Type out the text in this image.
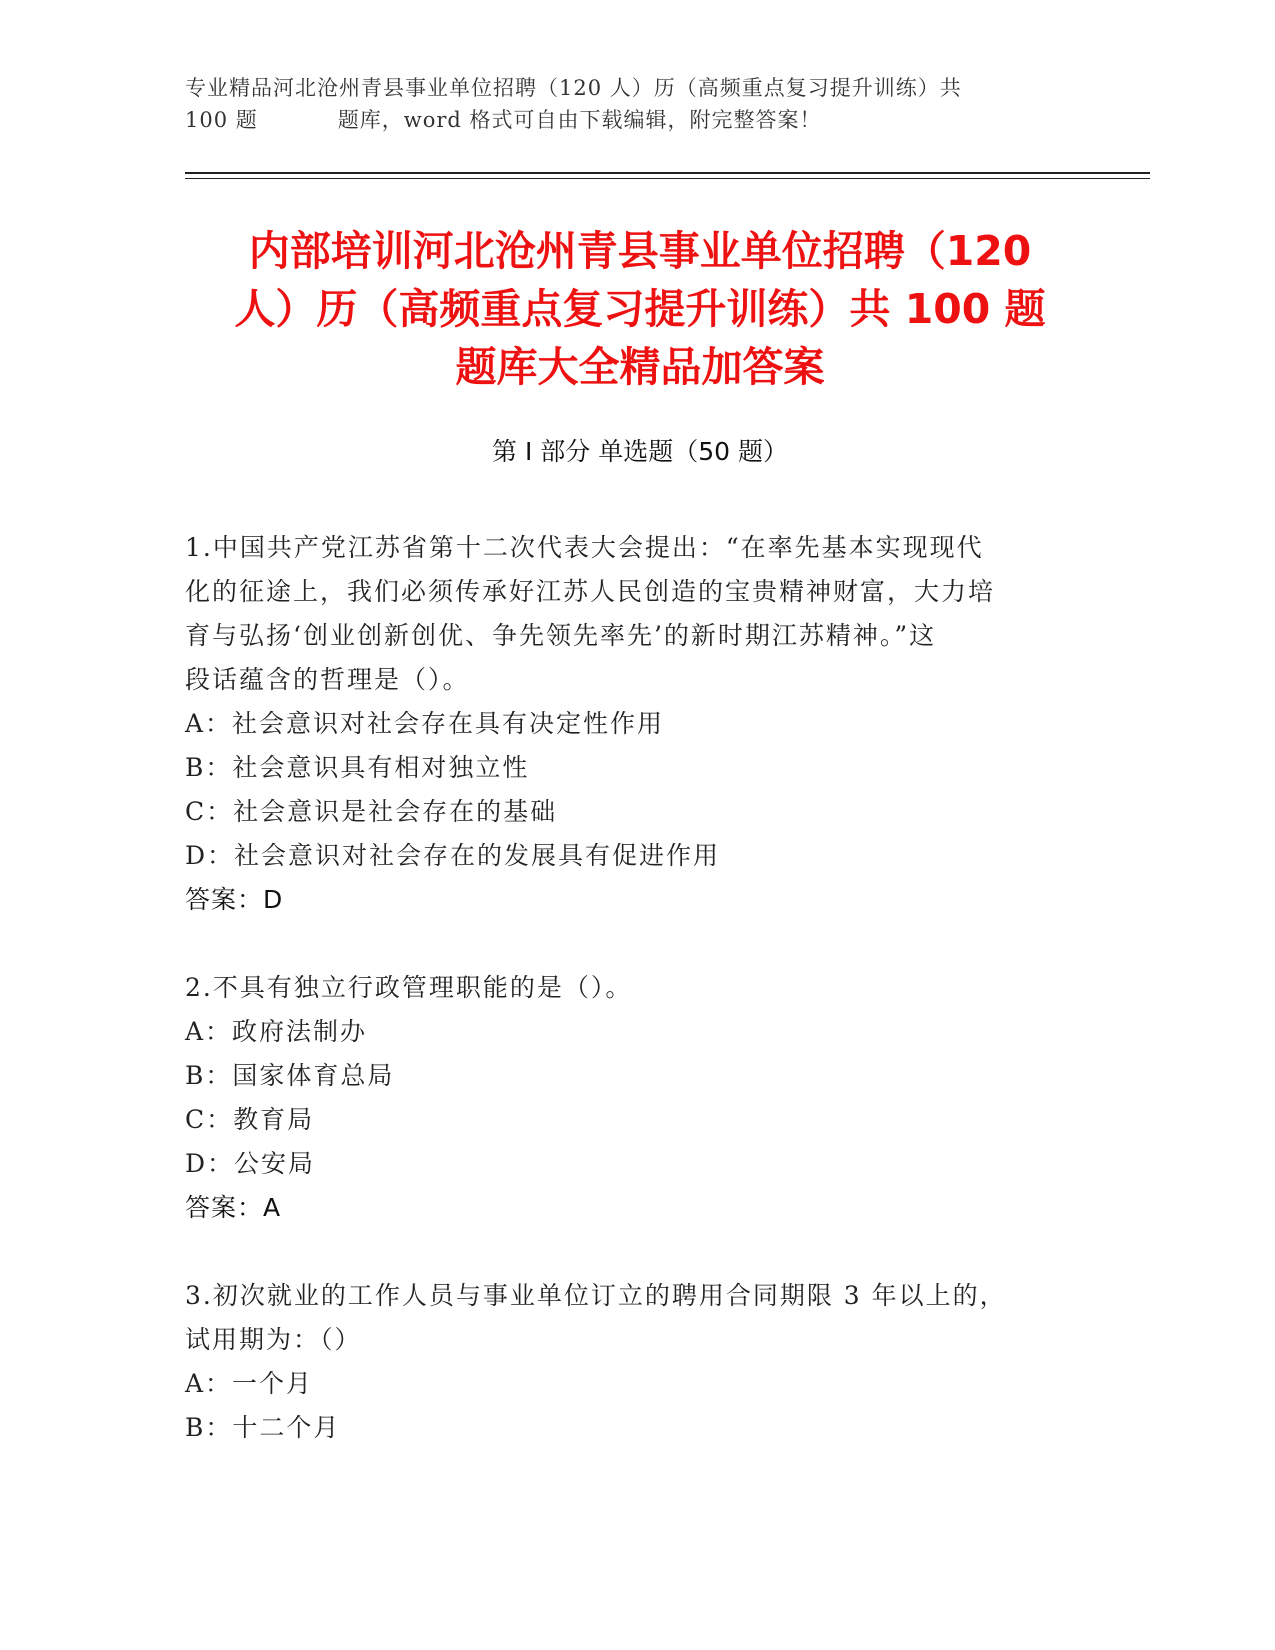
专业精品河北沧州青县事业单位招聘（120 人）历（高频重点复习提升训练）共
100 题	题库，word 格式可自由下载编辑，附完整答案！
内部培训河北沧州青县事业单位招聘（120
人）历（高频重点复习提升训练）共 100 题
题库大全精品加答案
第 I 部分 单选题（50 题）

1.中国共产党江苏省第十二次代表大会提出：“在率先基本实现现代

化的征途上，我们必须传承好江苏人民创造的宝贵精神财富，大力培

育与弘扬‘创业创新创优、争先领先率先’的新时期江苏精神。”这

段话蕴含的哲理是（）。

A：社会意识对社会存在具有决定性作用

B：社会意识具有相对独立性

C：社会意识是社会存在的基础

D：社会意识对社会存在的发展具有促进作用

答案：D

2.不具有独立行政管理职能的是（）。

A：政府法制办

B：国家体育总局

C：教育局

D：公安局

答案：A

3.初次就业的工作人员与事业单位订立的聘用合同期限 3 年以上的，

试用期为：（）

A：一个月

B：十二个月
